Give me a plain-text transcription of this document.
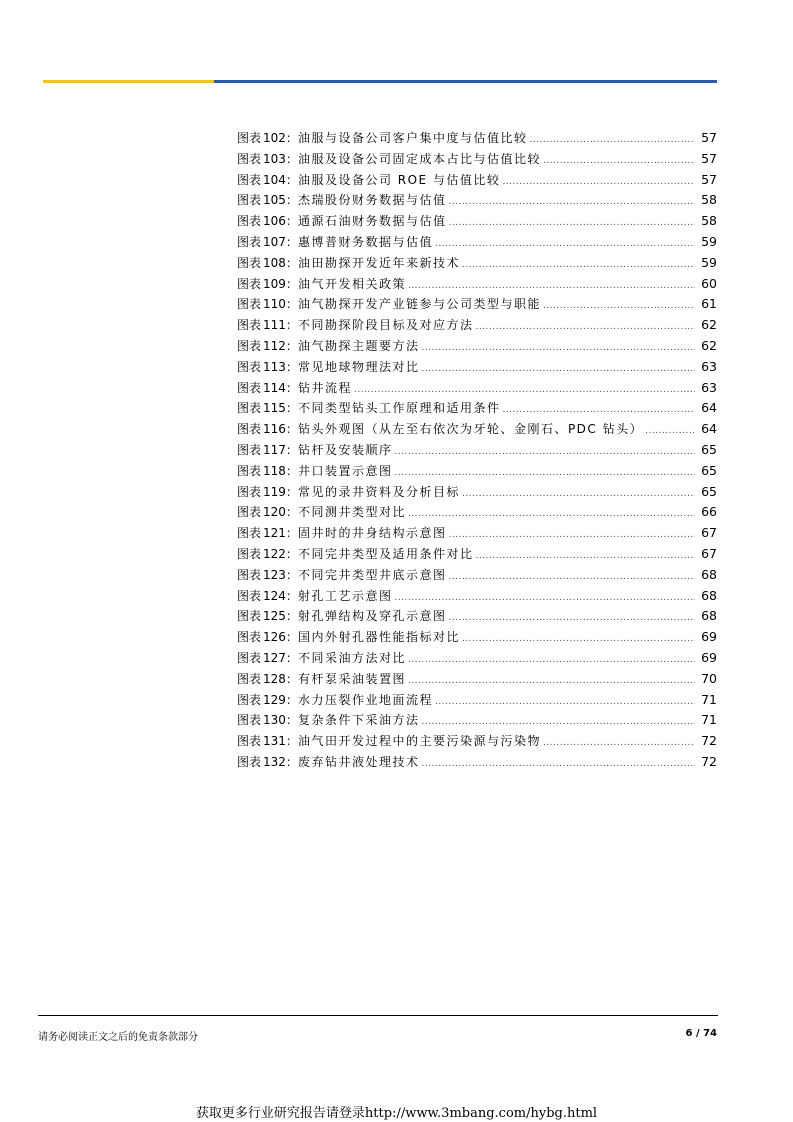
图表 102： 油服与设备公司客户集中度与估值比较 .....	57
图表 103： 油服及设备公司固定成本占比与估值比较 .....	57
图表 104： 油服及设备公司 ROE 与估值比较 .....	57
图表 105： 杰瑞股份财务数据与估值 .....	58
图表 106： 通源石油财务数据与估值 .....	58
图表 107： 惠博普财务数据与估值 .....	59
图表 108： 油田勘探开发近年来新技术 .....	59
图表 109： 油气开发相关政策 .....	60
图表 110： 油气勘探开发产业链参与公司类型与职能 .....	61
图表 111： 不同勘探阶段目标及对应方法 .....	62
图表 112： 油气勘探主题要方法 .....	62
图表 113： 常见地球物理法对比 .....	63
图表 114： 钻井流程 .....	63
图表 115： 不同类型钻头工作原理和适用条件 .....	64
图表 116： 钻头外观图（从左至右依次为牙轮、金刚石、PDC 钻头） .....	64
图表 117： 钻杆及安装顺序 .....	65
图表 118： 井口装置示意图 .....	65
图表 119： 常见的录井资料及分析目标 .....	65
图表 120： 不同测井类型对比 .....	66
图表 121： 固井时的井身结构示意图 .....	67
图表 122： 不同完井类型及适用条件对比 .....	67
图表 123： 不同完井类型井底示意图 .....	68
图表 124： 射孔工艺示意图 .....	68
图表 125： 射孔弹结构及穿孔示意图 .....	68
图表 126： 国内外射孔器性能指标对比 .....	69
图表 127： 不同采油方法对比 .....	69
图表 128： 有杆泵采油装置图 .....	70
图表 129： 水力压裂作业地面流程 .....	71
图表 130： 复杂条件下采油方法 .....	71
图表 131： 油气田开发过程中的主要污染源与污染物 .....	72
图表 132： 废弃钻井液处理技术 .....	72
请务必阅读正文之后的免责条款部分	6 / 74
获取更多行业研究报告请登录http://www.3mbang.com/hybg.html
